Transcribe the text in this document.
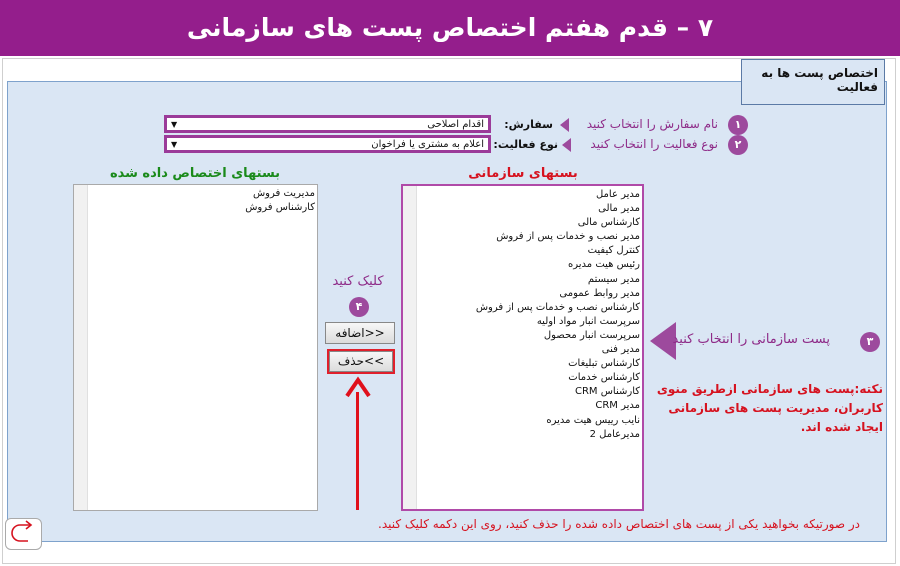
۷ – قدم هفتم اختصاص پست های سازمانی
اختصاص پست ها به فعالیت
▼	اقدام اصلاحی	سفارش:	نام سفارش را انتخاب کنید	۱
▼	اعلام به مشتری یا فراخوان نوع فعالیت:	نوع فعالیت را انتخاب کنید	۲
بستهای سازمانی
بستهای اختصاص داده شده
مدیر عامل
مدیر مالی
کارشناس مالی
مدیر نصب و خدمات پس از فروش
کنترل کیفیت
رئیس هیت مدیره
مدیر سیستم
مدیر روابط عمومی
کارشناس نصب و خدمات پس از فروش
سرپرست انبار مواد اولیه
سرپرست انبار محصول
مدیر فنی
کارشناس تبلیغات
کارشناس خدمات
کارشناس CRM
مدیر CRM
نایب رییس هیت مدیره
مدیرعامل 2
مدیریت فروش
کارشناس فروش
کلیک کنید
۴
اضافه>>
حذف<<
پست سازمانی را انتخاب کنید	۳
نکته:پست های سازمانی ازطریق منوی کاربران، مدیریت پست های سازمانی ایجاد شده اند.
در صورتیکه بخواهید یکی از پست های اختصاص داده شده را حذف کنید، روی این دکمه کلیک کنید.
